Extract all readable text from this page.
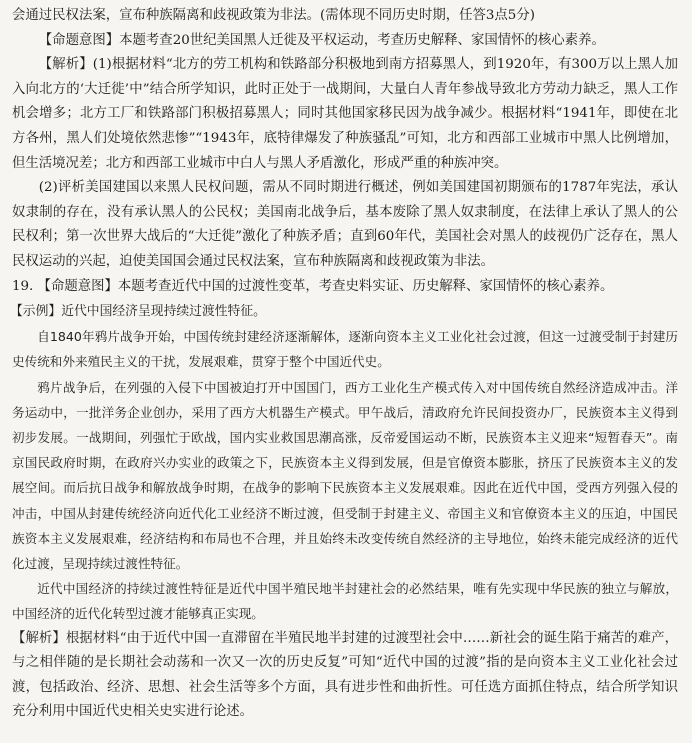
会通过民权法案，宣布种族隔离和歧视政策为非法。(需体现不同历史时期，任答3点5分)

【命题意图】本题考查20世纪美国黑人迁徙及平权运动，考查历史解释、家国情怀的核心素养。

【解析】(1)根据材料“北方的劳工机构和铁路部分积极地到南方招募黑人，到1920年，有300万以上黑人加入向北方的‘大迁徙’中”结合所学知识，此时正处于一战期间，大量白人青年参战导致北方劳动力缺乏，黑人工作机会增多；北方工厂和铁路部门积极招募黑人；同时其他国家移民因为战争减少。根据材料“1941年，即使在北方各州，黑人们处境依然悲惨”“1943年，底特律爆发了种族骚乱”可知，北方和西部工业城市中黑人比例增加，但生活境况差；北方和西部工业城市中白人与黑人矛盾激化，形成严重的种族冲突。

(2)评析美国建国以来黑人民权问题，需从不同时期进行概述，例如美国建国初期颁布的1787年宪法，承认奴隶制的存在，没有承认黑人的公民权；美国南北战争后，基本废除了黑人奴隶制度，在法律上承认了黑人的公民权利；第一次世界大战后的“大迁徙”激化了种族矛盾；直到60年代，美国社会对黑人的歧视仍广泛存在，黑人民权运动的兴起，迫使美国国会通过民权法案，宣布种族隔离和歧视政策为非法。

19. 【命题意图】本题考查近代中国的过渡性变革，考查史料实证、历史解释、家国情怀的核心素养。

【示例】近代中国经济呈现持续过渡性特征。

自1840年鸦片战争开始，中国传统封建经济逐渐解体，逐渐向资本主义工业化社会过渡，但这一过渡受制于封建历史传统和外来殖民主义的干扰，发展艰难，贯穿于整个中国近代史。

鸦片战争后，在列强的入侵下中国被迫打开中国国门，西方工业化生产模式传入对中国传统自然经济造成冲击。洋务运动中，一批洋务企业创办，采用了西方大机器生产模式。甲午战后，清政府允许民间投资办厂，民族资本主义得到初步发展。一战期间，列强忙于欧战，国内实业救国思潮高涨，反帝爱国运动不断，民族资本主义迎来“短暂春天”。南京国民政府时期，在政府兴办实业的政策之下，民族资本主义得到发展，但是官僚资本膨胀，挤压了民族资本主义的发展空间。而后抗日战争和解放战争时期，在战争的影响下民族资本主义发展艰难。因此在近代中国，受西方列强入侵的冲击，中国从封建传统经济向近代化工业经济不断过渡，但受制于封建主义、帝国主义和官僚资本主义的压迫，中国民族资本主义发展艰难，经济结构和布局也不合理，并且始终未改变传统自然经济的主导地位，始终未能完成经济的近代化过渡，呈现持续过渡性特征。

近代中国经济的持续过渡性特征是近代中国半殖民地半封建社会的必然结果，唯有先实现中华民族的独立与解放，中国经济的近代化转型过渡才能够真正实现。

【解析】根据材料“由于近代中国一直滞留在半殖民地半封建的过渡型社会中……新社会的诞生陷于痛苦的难产，与之相伴随的是长期社会动荡和一次又一次的历史反复”可知“近代中国的过渡”指的是向资本主义工业化社会过渡，包括政治、经济、思想、社会生活等多个方面，具有进步性和曲折性。可任选方面抓住特点，结合所学知识充分利用中国近代史相关史实进行论述。
